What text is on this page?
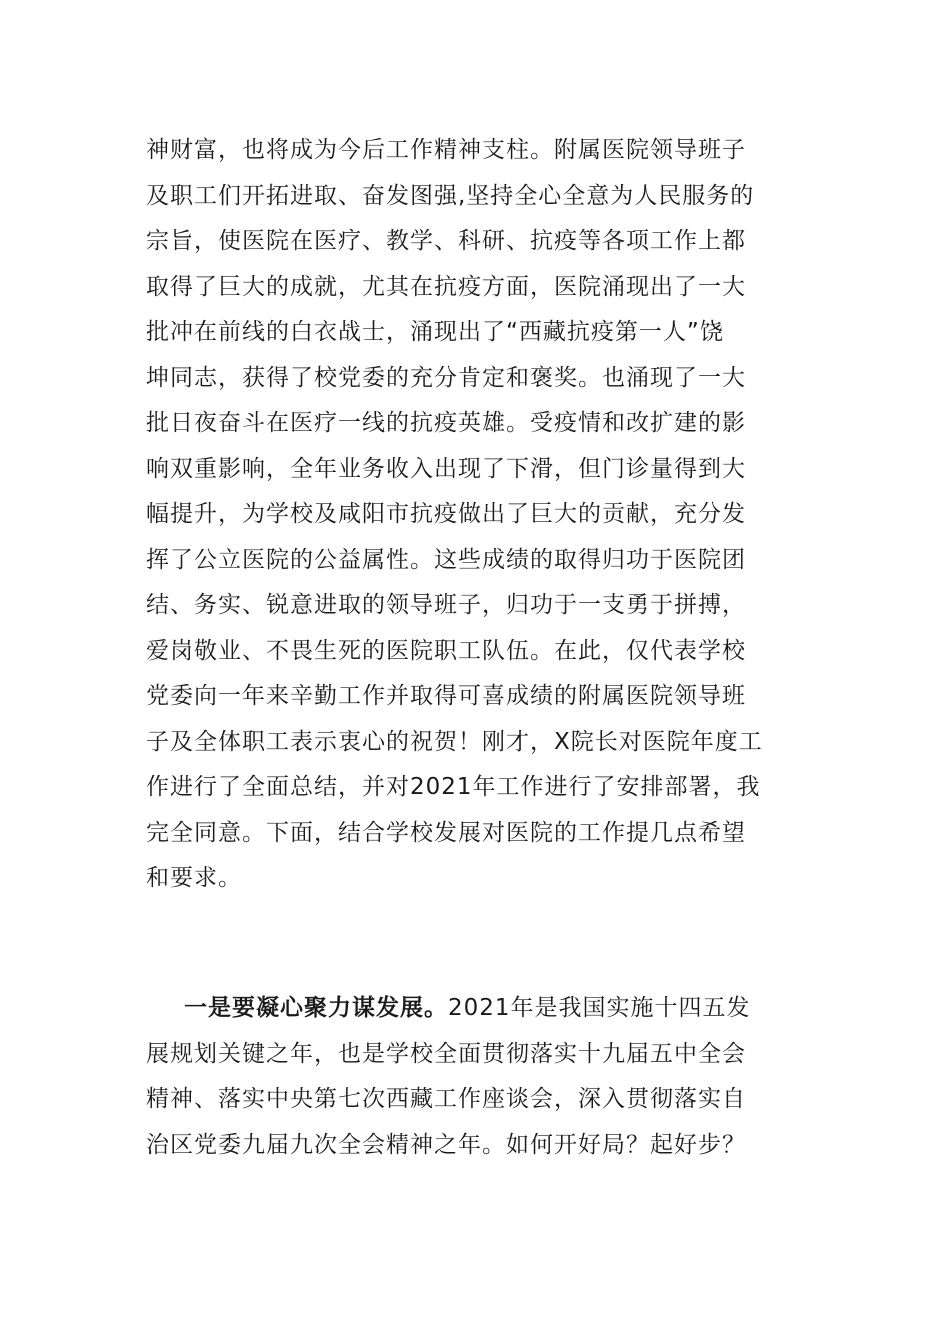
神财富，也将成为今后工作精神支柱。附属医院领导班子
及职工们开拓进取、奋发图强,坚持全心全意为人民服务的
宗旨，使医院在医疗、教学、科研、抗疫等各项工作上都
取得了巨大的成就，尤其在抗疫方面，医院涌现出了一大
批冲在前线的白衣战士，涌现出了“西藏抗疫第一人”饶
坤同志，获得了校党委的充分肯定和褒奖。也涌现了一大
批日夜奋斗在医疗一线的抗疫英雄。受疫情和改扩建的影
响双重影响，全年业务收入出现了下滑，但门诊量得到大
幅提升，为学校及咸阳市抗疫做出了巨大的贡献，充分发
挥了公立医院的公益属性。这些成绩的取得归功于医院团
结、务实、锐意进取的领导班子，归功于一支勇于拼搏，
爱岗敬业、不畏生死的医院职工队伍。在此，仅代表学校
党委向一年来辛勤工作并取得可喜成绩的附属医院领导班
子及全体职工表示衷心的祝贺！刚才，X院长对医院年度工
作进行了全面总结，并对2021年工作进行了安排部署，我
完全同意。下面，结合学校发展对医院的工作提几点希望
和要求。
一是要凝心聚力谋发展。2021年是我国实施十四五发
展规划关键之年，也是学校全面贯彻落实十九届五中全会
精神、落实中央第七次西藏工作座谈会，深入贯彻落实自
治区党委九届九次全会精神之年。如何开好局？起好步？
